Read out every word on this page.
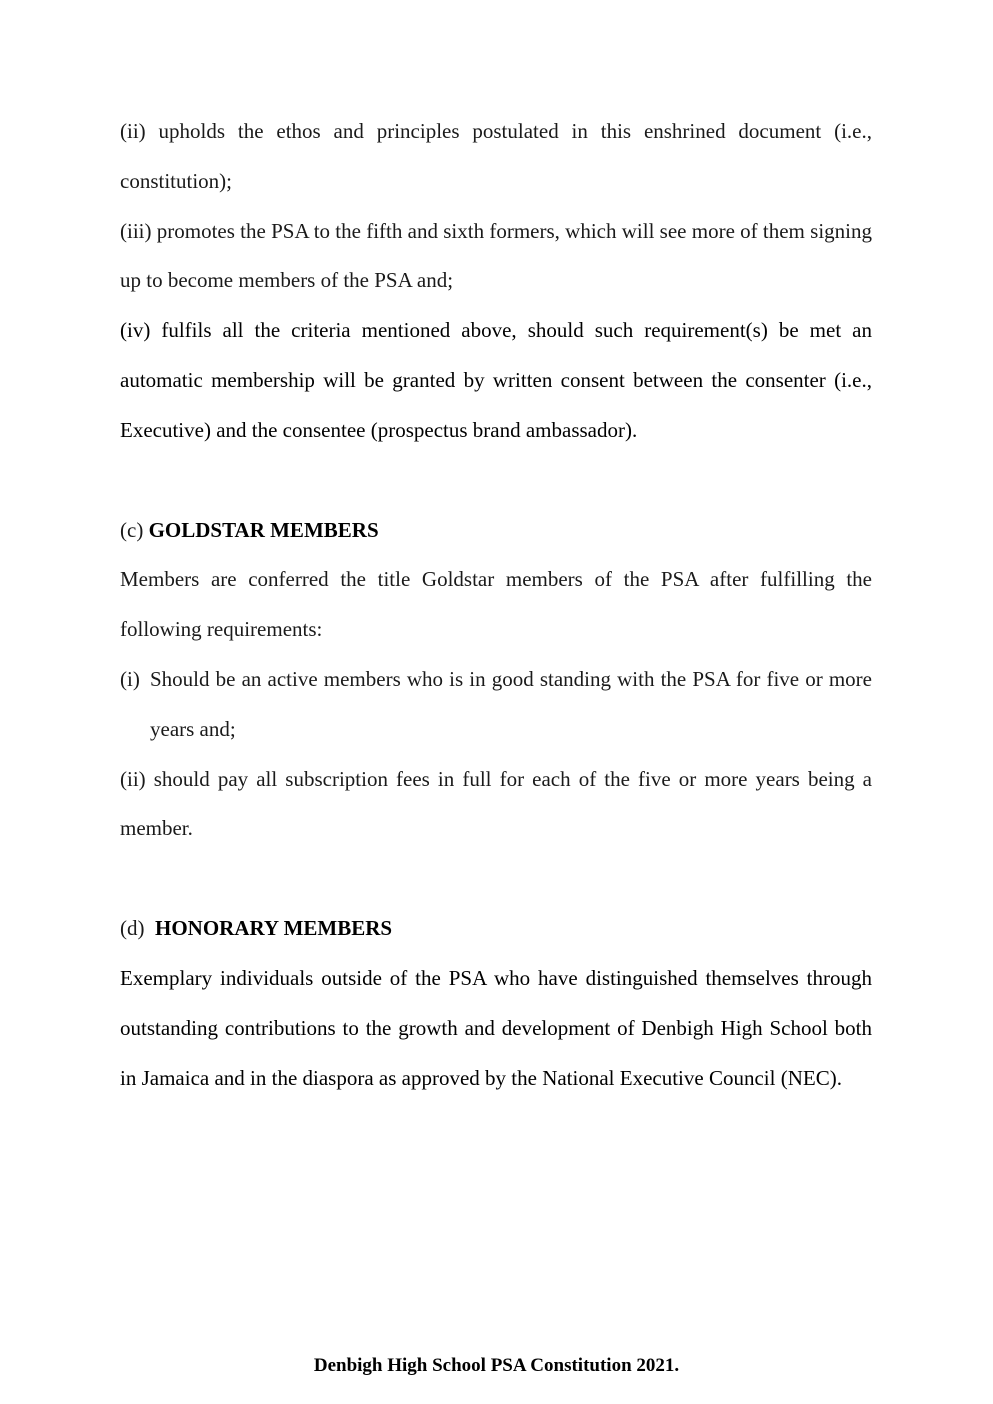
(ii) upholds the ethos and principles postulated in this enshrined document (i.e., constitution);

(iii) promotes the PSA to the fifth and sixth formers, which will see more of them signing up to become members of the PSA and;

(iv) fulfils all the criteria mentioned above, should such requirement(s) be met an automatic membership will be granted by written consent between the consenter (i.e., Executive) and the consentee (prospectus brand ambassador).

(c) GOLDSTAR MEMBERS

Members are conferred the title Goldstar members of the PSA after fulfilling the following requirements:

(i) Should be an active members who is in good standing with the PSA for five or more years and;

(ii) should pay all subscription fees in full for each of the five or more years being a member.

(d)  HONORARY MEMBERS

Exemplary individuals outside of the PSA who have distinguished themselves through outstanding contributions to the growth and development of Denbigh High School both in Jamaica and in the diaspora as approved by the National Executive Council (NEC).

Denbigh High School PSA Constitution 2021.
